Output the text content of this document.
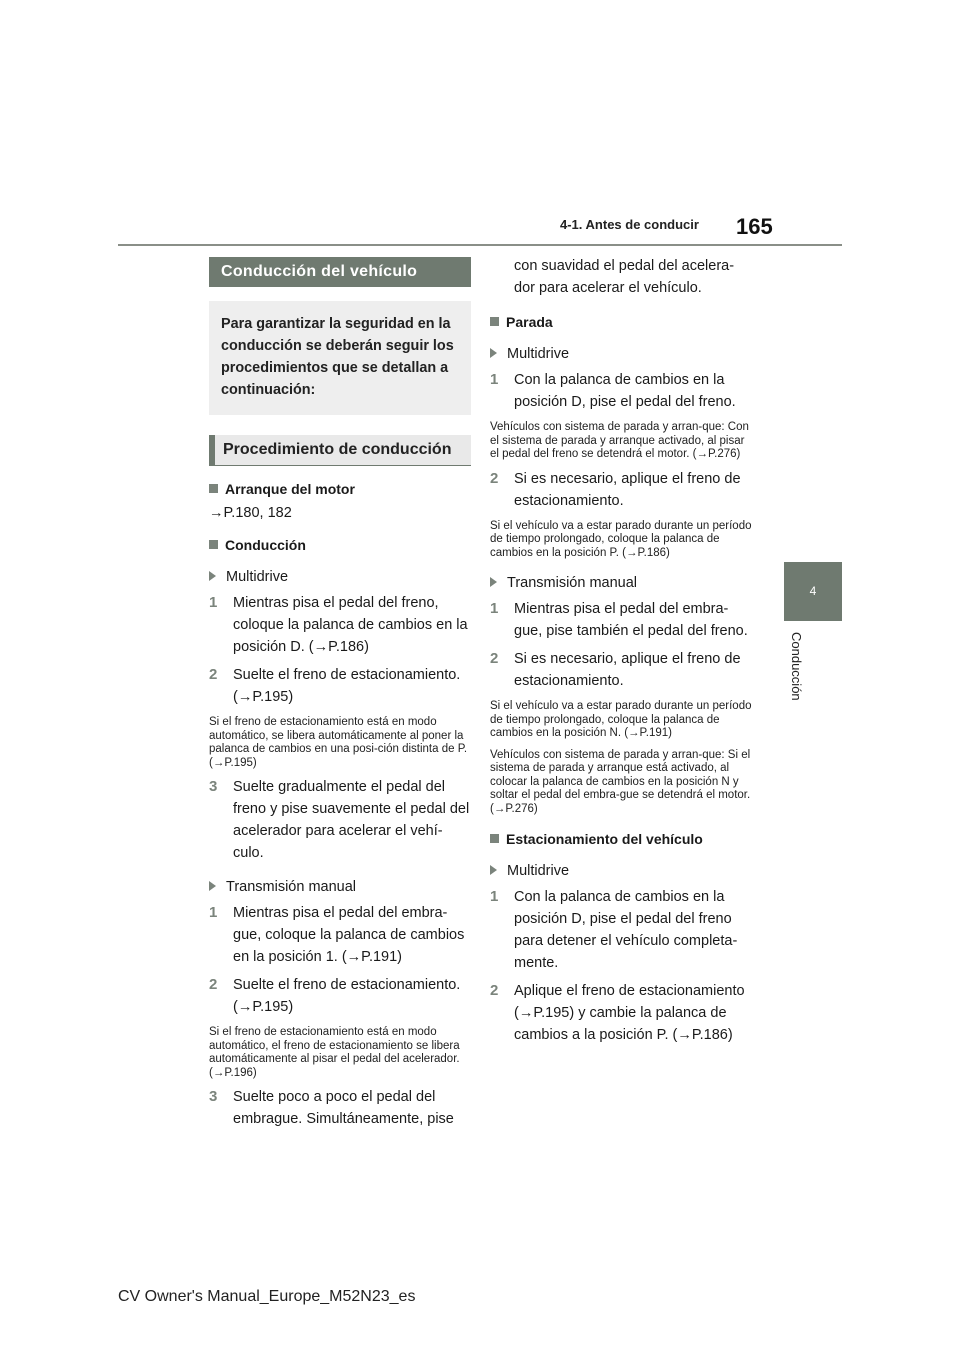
4-1. Antes de conducir 165
4
Conducción
Conducción del vehículo
Para garantizar la seguridad en la conducción se deberán seguir los procedimientos que se detallan a continuación:
Procedimiento de conducción
Arranque del motor
→P.180, 182
Conducción
Multidrive
1 Mientras pisa el pedal del freno, coloque la palanca de cambios en la posición D. (→P.186)
2 Suelte el freno de estacionamiento. (→P.195)
Si el freno de estacionamiento está en modo automático, se libera automáticamente al poner la palanca de cambios en una posi-ción distinta de P. (→P.195)
3 Suelte gradualmente el pedal del freno y pise suavemente el pedal del acelerador para acelerar el vehí-culo.
Transmisión manual
1 Mientras pisa el pedal del embra-gue, coloque la palanca de cambios en la posición 1. (→P.191)
2 Suelte el freno de estacionamiento. (→P.195)
Si el freno de estacionamiento está en modo automático, el freno de estacionamiento se libera automáticamente al pisar el pedal del acelerador. (→P.196)
3 Suelte poco a poco el pedal del embrague. Simultáneamente, pise
con suavidad el pedal del acelera-dor para acelerar el vehículo.
Parada
Multidrive
1 Con la palanca de cambios en la posición D, pise el pedal del freno.
Vehículos con sistema de parada y arran-que: Con el sistema de parada y arranque activado, al pisar el pedal del freno se detendrá el motor. (→P.276)
2 Si es necesario, aplique el freno de estacionamiento.
Si el vehículo va a estar parado durante un período de tiempo prolongado, coloque la palanca de cambios en la posición P. (→P.186)
Transmisión manual
1 Mientras pisa el pedal del embra-gue, pise también el pedal del freno.
2 Si es necesario, aplique el freno de estacionamiento.
Si el vehículo va a estar parado durante un período de tiempo prolongado, coloque la palanca de cambios en la posición N. (→P.191)
Vehículos con sistema de parada y arran-que: Si el sistema de parada y arranque está activado, al colocar la palanca de cambios en la posición N y soltar el pedal del embra-gue se detendrá el motor. (→P.276)
Estacionamiento del vehículo
Multidrive
1 Con la palanca de cambios en la posición D, pise el pedal del freno para detener el vehículo completa-mente.
2 Aplique el freno de estacionamiento (→P.195) y cambie la palanca de cambios a la posición P. (→P.186)
CV Owner's Manual_Europe_M52N23_es
